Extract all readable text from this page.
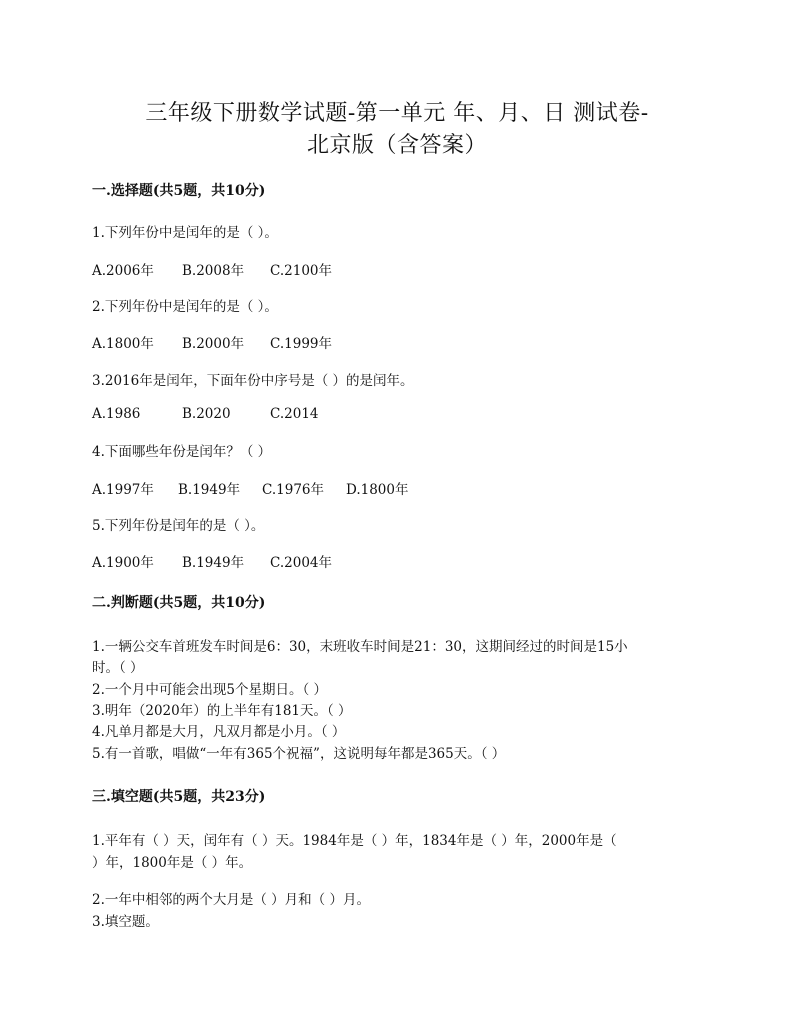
三年级下册数学试题-第一单元 年、月、日 测试卷-
北京版（含答案）
一.选择题(共5题，共10分)
1.下列年份中是闰年的是（ ）。
A.2006年 B.2008年 C.2100年
2.下列年份中是闰年的是（ ）。
A.1800年 B.2000年 C.1999年
3.2016年是闰年，下面年份中序号是（ ）的是闰年。
A.1986	B.2020	C.2014
4.下面哪些年份是闰年？（ ）
A.1997年 B.1949年 C.1976年 D.1800年
5.下列年份是闰年的是（ ）。
A.1900年 B.1949年 C.2004年
二.判断题(共5题，共10分)
1.一辆公交车首班发车时间是6：30，末班收车时间是21：30，这期间经过的时间是15小
时。（ ）
2.一个月中可能会出现5个星期日。（ ）
3.明年（2020年）的上半年有181天。（ ）
4.凡单月都是大月，凡双月都是小月。（ ）
5.有一首歌，唱做“一年有365个祝福”，这说明每年都是365天。（ ）
三.填空题(共5题，共23分)
1.平年有（ ）天，闰年有（ ）天。1984年是（ ）年，1834年是（ ）年，2000年是（
）年，1800年是（ ）年。
2.一年中相邻的两个大月是（ ）月和（ ）月。
3.填空题。
